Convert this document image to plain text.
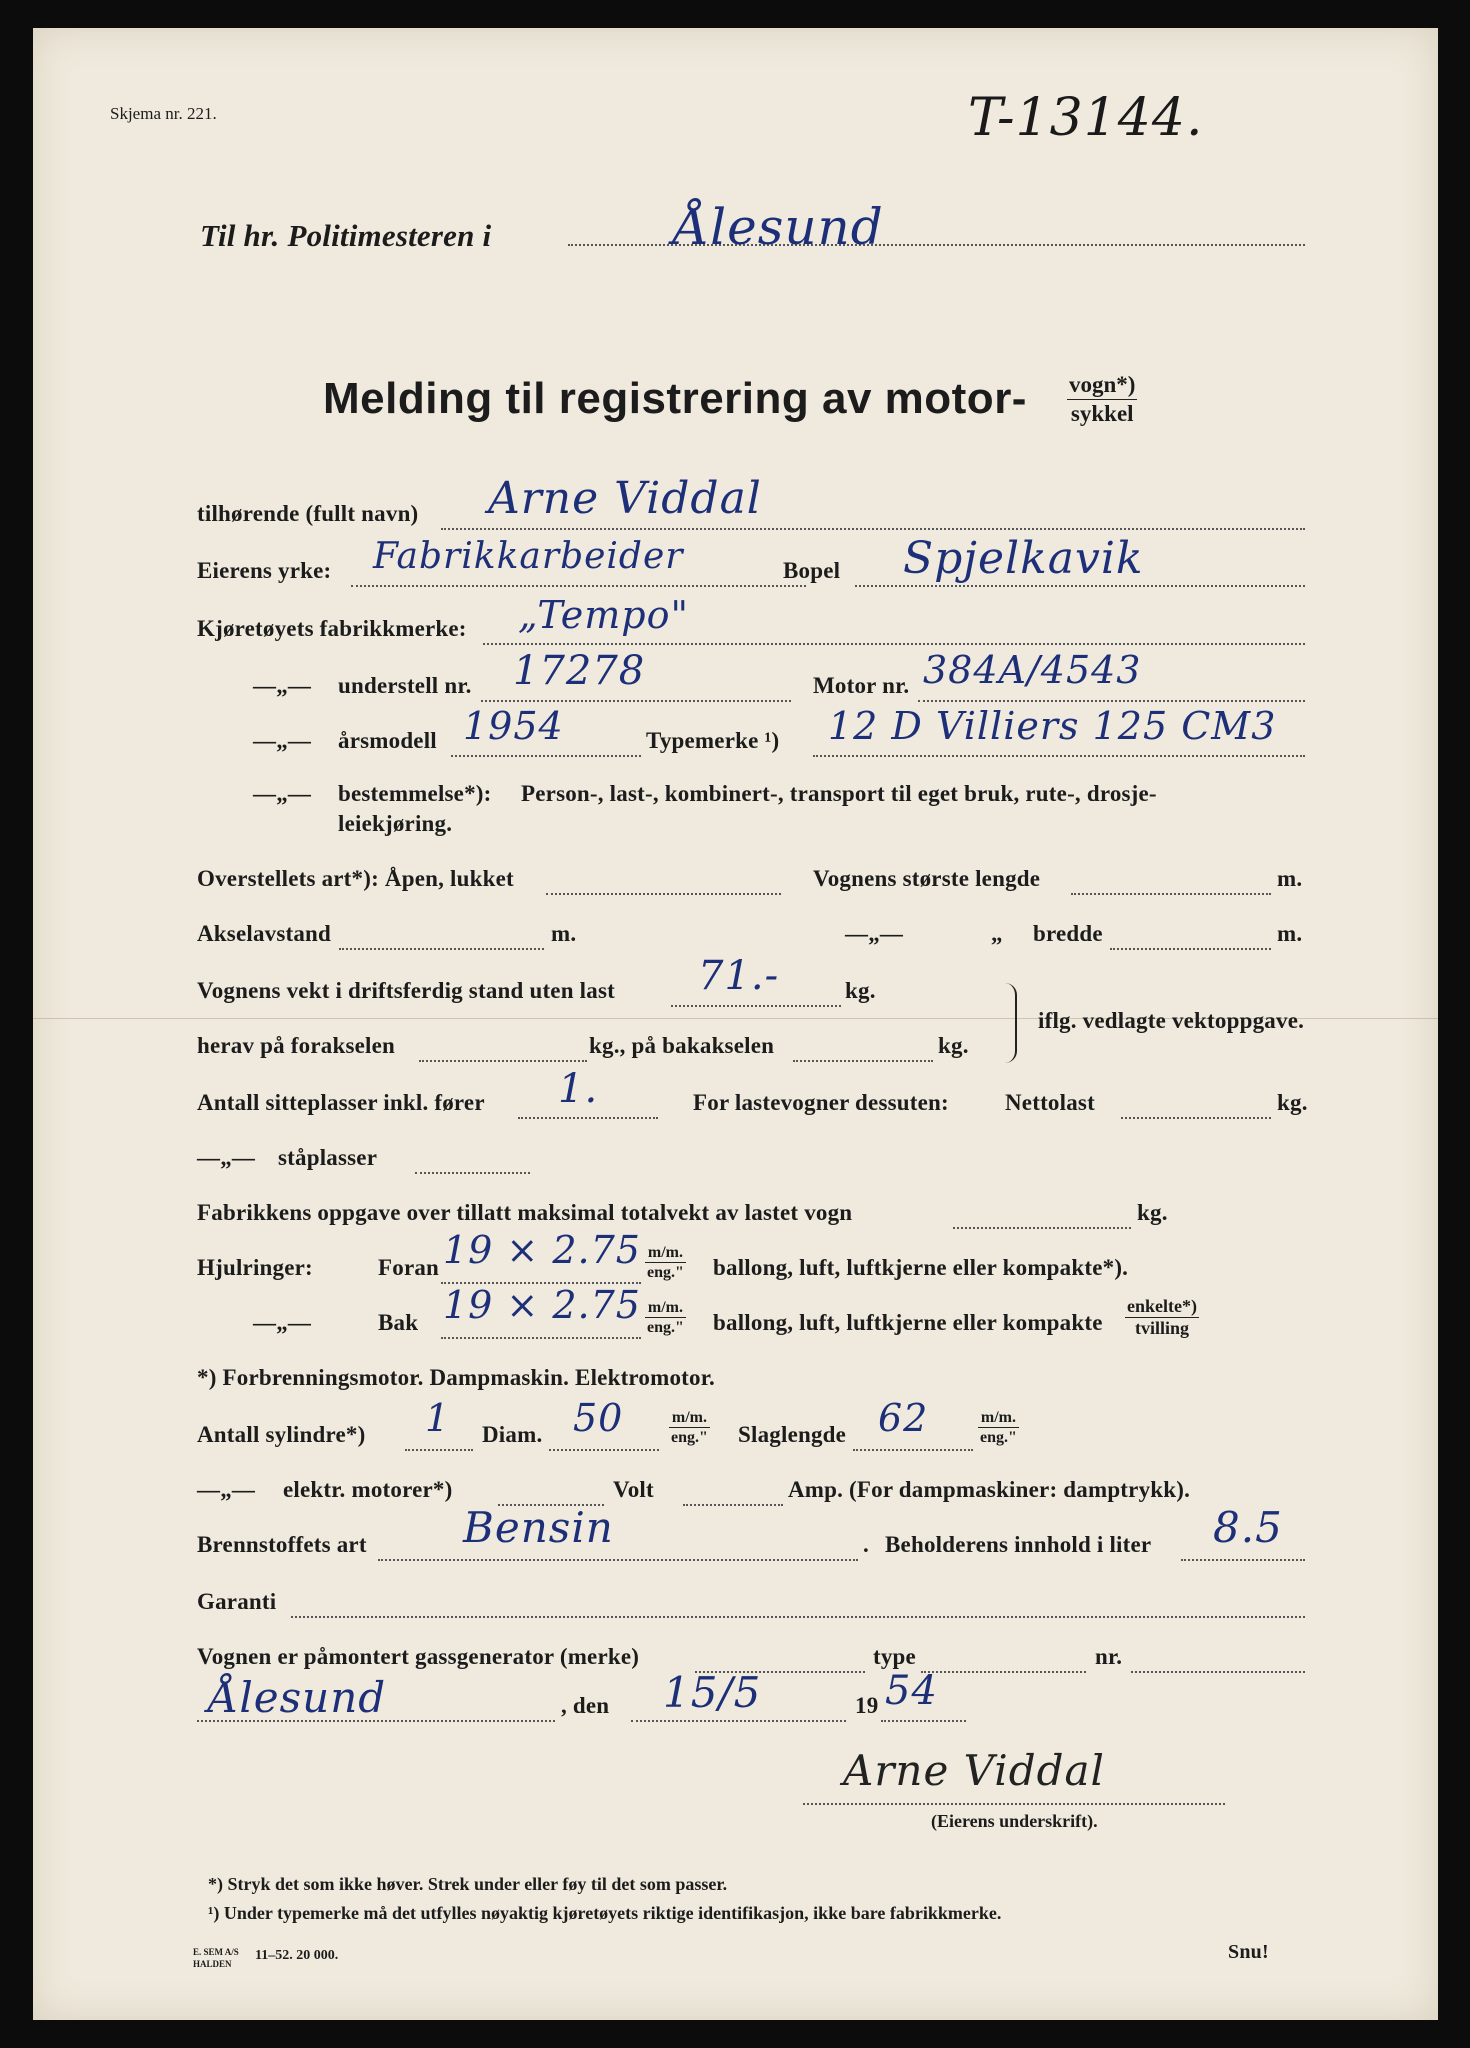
Skjema nr. 221.	T-13144.
Til hr. Politimesteren i	Ålesund
Melding til registrering av motor- vogn*)
sykkel
tilhørende (fullt navn) Arne Viddal
Eierens yrke: Fabrikkarbeider	Bopel Spjelkavik
Kjøretøyets fabrikkmerke: „Tempo"
—„— understell nr. 17278	Motor nr. 384A/4543
—„— årsmodell 1954	Typemerke ¹) 12 D Villiers 125 CM3
—„— bestemmelse*): Person-, last-, kombinert-, transport til eget bruk, rute-, drosje-
leiekjøring.
Overstellets art*): Åpen, lukket	Vognens største lengde	m.
Akselavstand	m.	—„—	„ bredde	m.
Vognens vekt i driftsferdig stand uten last 71.-	kg.
iflg. vedlagte vektoppgave.
herav på forakselen	kg., på bakakselen	kg.
Antall sitteplasser inkl. fører 1.	For lastevogner dessuten: Nettolast	kg.
—„— ståplasser
Fabrikkens oppgave over tillatt maksimal totalvekt av lastet vogn	kg.
Hjulringer:	Foran 19 × 2.75 m/m.
eng." ballong, luft, luftkjerne eller kompakte*).
—„—	Bak 19 × 2.75 m/m.
eng." ballong, luft, luftkjerne eller kompakte
enkelte*)
tvilling
*) Forbrenningsmotor. Dampmaskin. Elektromotor.
Antall sylindre*) 1 Diam. 50	m/m.
eng." Slaglengde 62	m/m.
eng."
—„— elektr. motorer*)	Volt	Amp. (For dampmaskiner: damptrykk).
Brennstoffets art Bensin	. Beholderens innhold i liter 8.5
Garanti
Vognen er påmontert gassgenerator (merke)	type	nr.
Ålesund	, den 15/5	19 54
Arne Viddal
(Eierens underskrift).
*) Stryk det som ikke høver. Strek under eller føy til det som passer.
¹) Under typemerke må det utfylles nøyaktig kjøretøyets riktige identifikasjon, ikke bare fabrikkmerke.
E. SEM A/S HALDEN
11–52. 20 000.	Snu!
